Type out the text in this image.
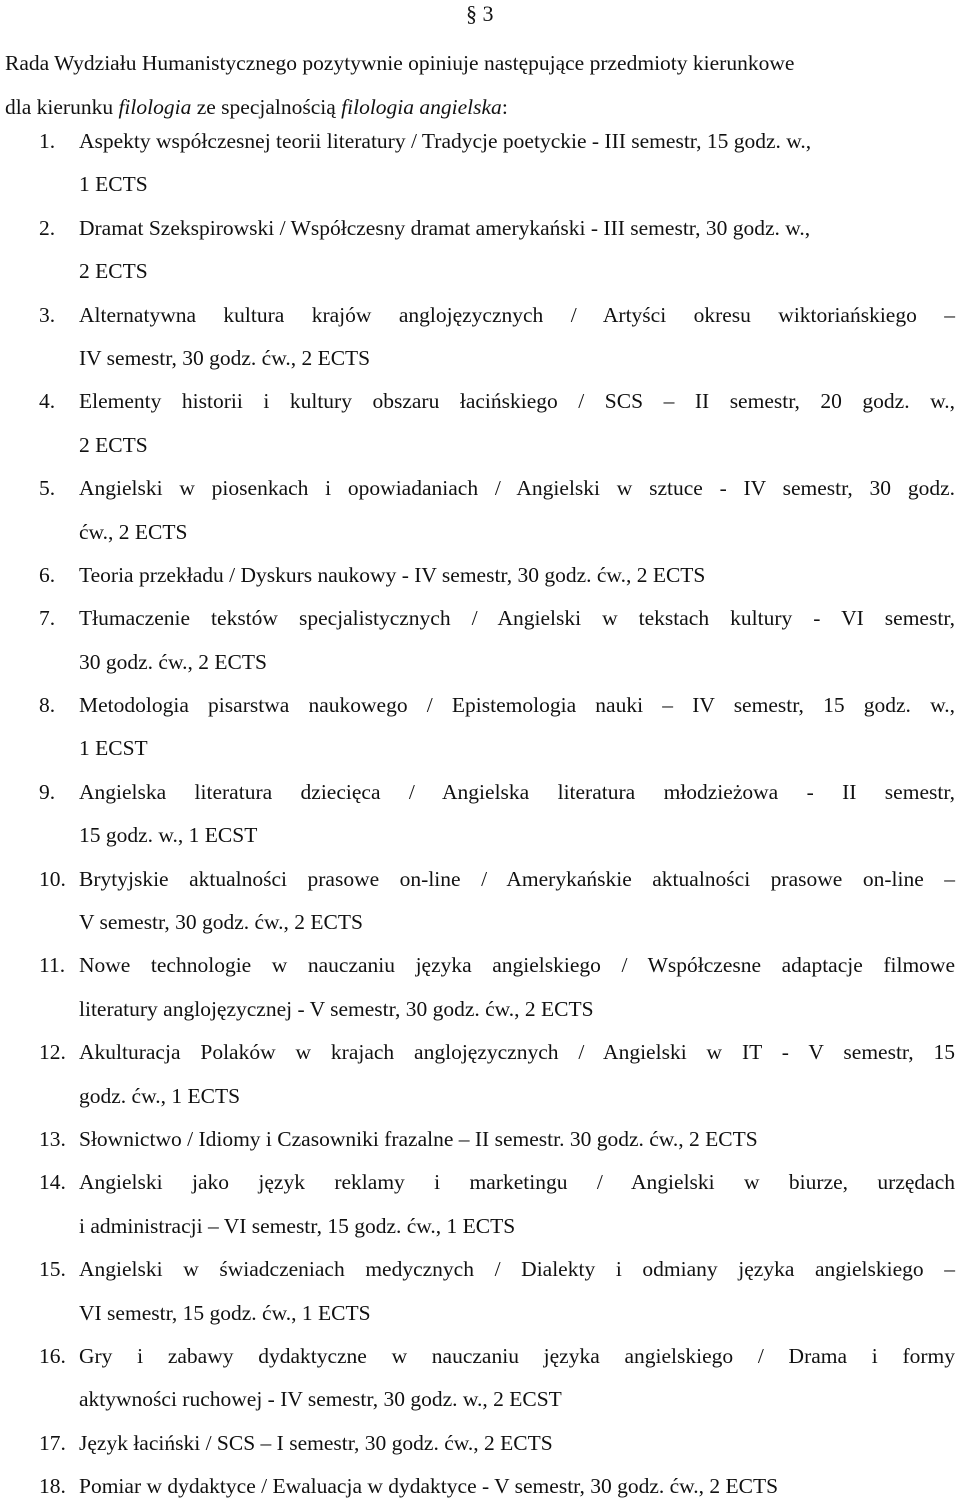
§ 3
Rada Wydziału Humanistycznego pozytywnie opiniuje następujące przedmioty kierunkowe
dla kierunku filologia ze specjalnością filologia angielska:
1. Aspekty współczesnej teorii literatury / Tradycje poetyckie - III semestr, 15 godz. w.,
1 ECTS
2. Dramat Szekspirowski / Współczesny dramat amerykański - III semestr, 30 godz. w.,
2 ECTS
3. Alternatywna kultura krajów anglojęzycznych / Artyści okresu wiktoriańskiego –
IV semestr, 30 godz. ćw., 2 ECTS
4. Elementy historii i kultury obszaru łacińskiego / SCS – II semestr, 20 godz. w.,
2 ECTS
5. Angielski w piosenkach i opowiadaniach / Angielski w sztuce - IV semestr, 30 godz.
ćw., 2 ECTS
6. Teoria przekładu / Dyskurs naukowy - IV semestr, 30 godz. ćw., 2 ECTS
7. Tłumaczenie tekstów specjalistycznych / Angielski w tekstach kultury - VI semestr,
30 godz. ćw., 2 ECTS
8. Metodologia pisarstwa naukowego / Epistemologia nauki – IV semestr, 15 godz. w.,
1 ECST
9. Angielska literatura dziecięca / Angielska literatura młodzieżowa - II semestr,
15 godz. w., 1 ECST
10. Brytyjskie aktualności prasowe on-line / Amerykańskie aktualności prasowe on-line –
V semestr, 30 godz. ćw., 2 ECTS
11. Nowe technologie w nauczaniu języka angielskiego / Współczesne adaptacje filmowe
literatury anglojęzycznej - V semestr, 30 godz. ćw., 2 ECTS
12. Akulturacja Polaków w krajach anglojęzycznych / Angielski w IT - V semestr, 15
godz. ćw., 1 ECTS
13. Słownictwo / Idiomy i Czasowniki frazalne – II semestr. 30 godz. ćw., 2 ECTS
14. Angielski jako język reklamy i marketingu / Angielski w biurze, urzędach
i administracji – VI semestr, 15 godz. ćw., 1 ECTS
15. Angielski w świadczeniach medycznych / Dialekty i odmiany języka angielskiego –
VI semestr, 15 godz. ćw., 1 ECTS
16. Gry i zabawy dydaktyczne w nauczaniu języka angielskiego / Drama i formy
aktywności ruchowej - IV semestr, 30 godz. w., 2 ECST
17. Język łaciński / SCS – I semestr, 30 godz. ćw., 2 ECTS
18. Pomiar w dydaktyce / Ewaluacja w dydaktyce - V semestr, 30 godz. ćw., 2 ECTS
